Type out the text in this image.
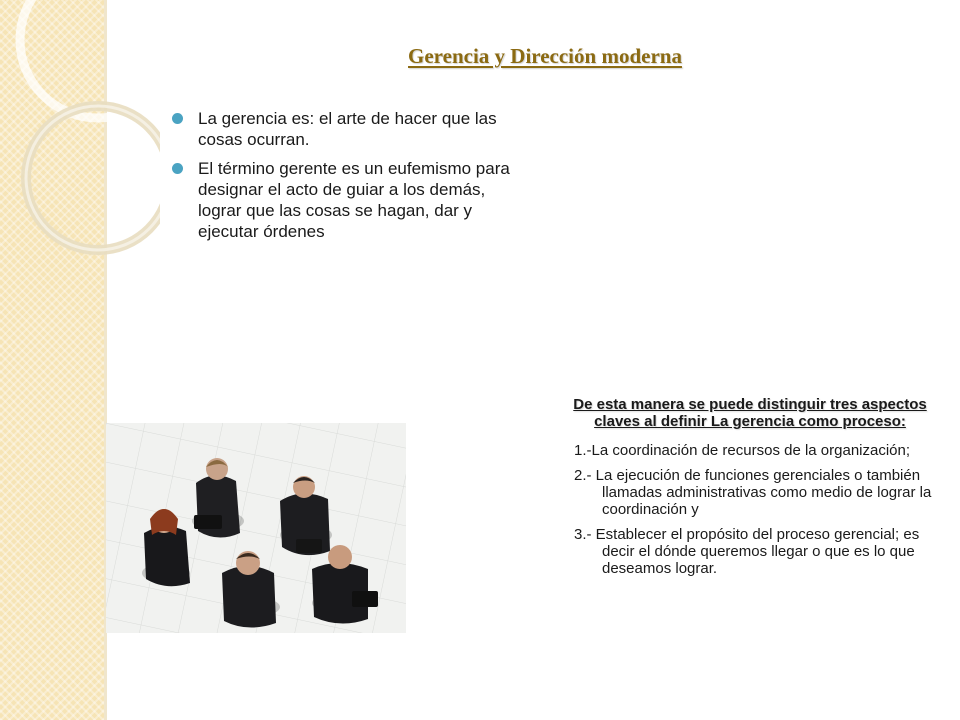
Gerencia y Dirección moderna
La gerencia es: el arte de hacer que las cosas ocurran.
El término gerente es un eufemismo para designar el acto de guiar a los demás, lograr que las cosas se hagan, dar y ejecutar órdenes

De esta manera se puede distinguir tres aspectos claves al definir La gerencia como proceso:

1.-La coordinación de recursos de la organización;

2.- La ejecución de funciones gerenciales o también llamadas administrativas como medio de lograr la coordinación y

3.- Establecer el propósito del proceso gerencial; es decir el dónde queremos llegar o que es lo que deseamos lograr.
